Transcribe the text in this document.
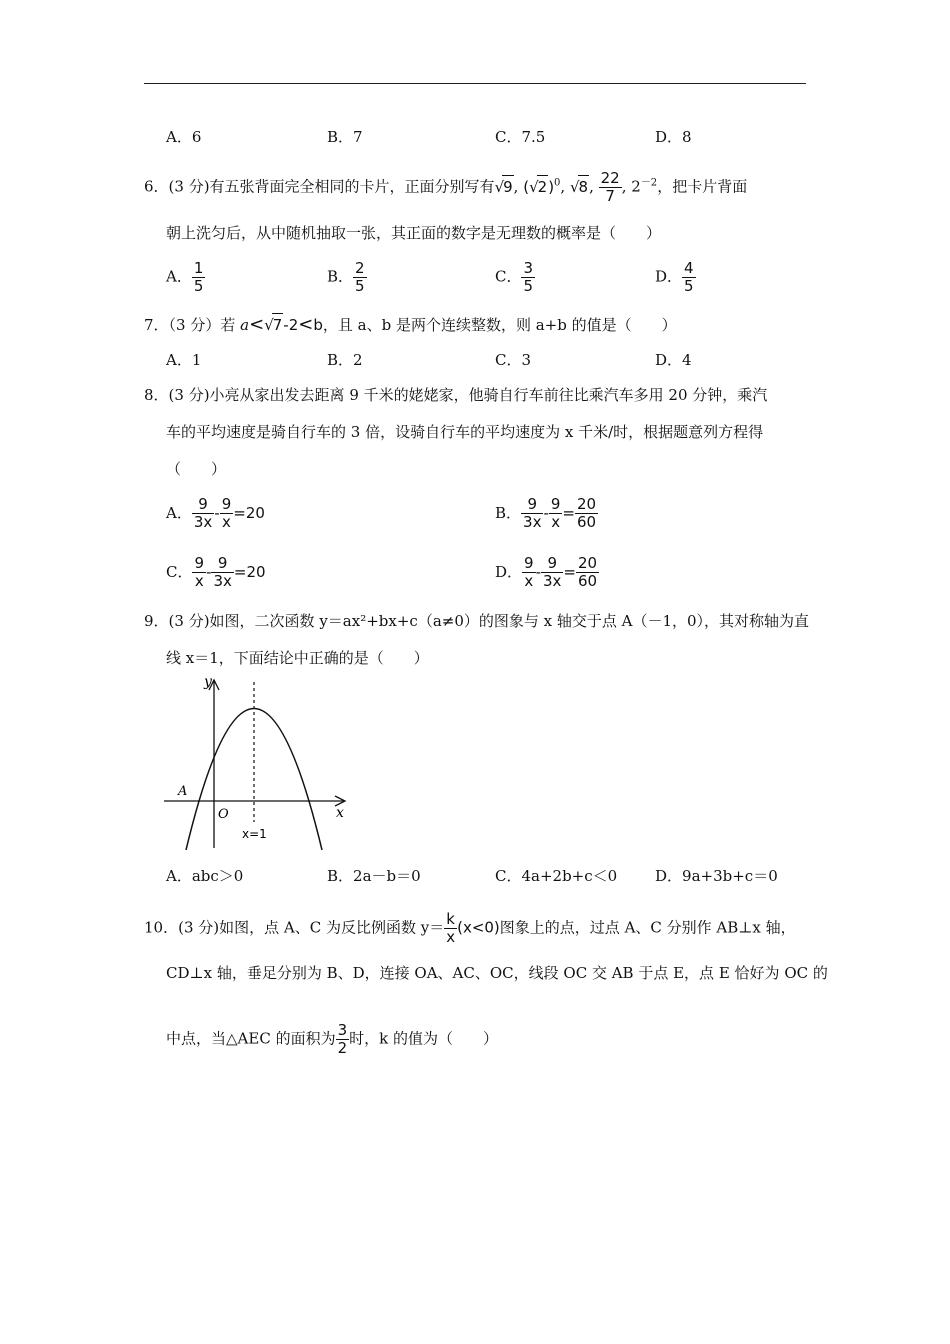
A．6	B．7	C．7.5	D．8
6．(3 分)有五张背面完全相同的卡片，正面分别写有√9, $(√2)^0$, √8, $\frac{22}{7}$ , $2^{-2}$，把卡片背面
朝上洗匀后，从中随机抽取一张，其正面的数字是无理数的概率是（　　）
A． $\frac{1}{5}$	B． $\frac{2}{5}$	C． $\frac{3}{5}$	D． $\frac{4}{5}$
7．（3 分）若 a<√7-2<b，且 a、b 是两个连续整数，则 a+b 的值是（　　）
A．1	B．2	C．3	D．4
8．(3 分)小亮从家出发去距离 9 千米的姥姥家，他骑自行车前往比乘汽车多用 20 分钟，乘汽
车的平均速度是骑自行车的 3 倍，设骑自行车的平均速度为 x 千米/时，根据题意列方程得
（　　）
A． $\frac{9}{3x} - \frac{9}{x} =20$	B． $\frac{9}{3x} - \frac{9}{x} = \frac{20}{60}$
C． $\frac{9}{x} - \frac{9}{3x} =20$	D． $\frac{9}{x} - \frac{9}{3x} = \frac{20}{60}$
9．(3 分)如图，二次函数 y＝ax²+bx+c（a≠0）的图象与 x 轴交于点 A（－1，0），其对称轴为直
线 x＝1，下面结论中正确的是（　　）
y
x
O
A
x=1
A．abc＞0	B．2a－b＝0	C．4a+2b+c＜0	D．9a+3b+c＝0
10．(3 分)如图，点 A、C 为反比例函数 $y= \frac{k}{x} (x<0)$图象上的点，过点 A、C 分别作 AB⊥x 轴，
CD⊥x 轴，垂足分别为 B、D，连接 OA、AC、OC，线段 OC 交 AB 于点 E，点 E 恰好为 OC 的
中点，当△AEC 的面积为 $\frac{3}{2}$ 时，k 的值为（　　）
